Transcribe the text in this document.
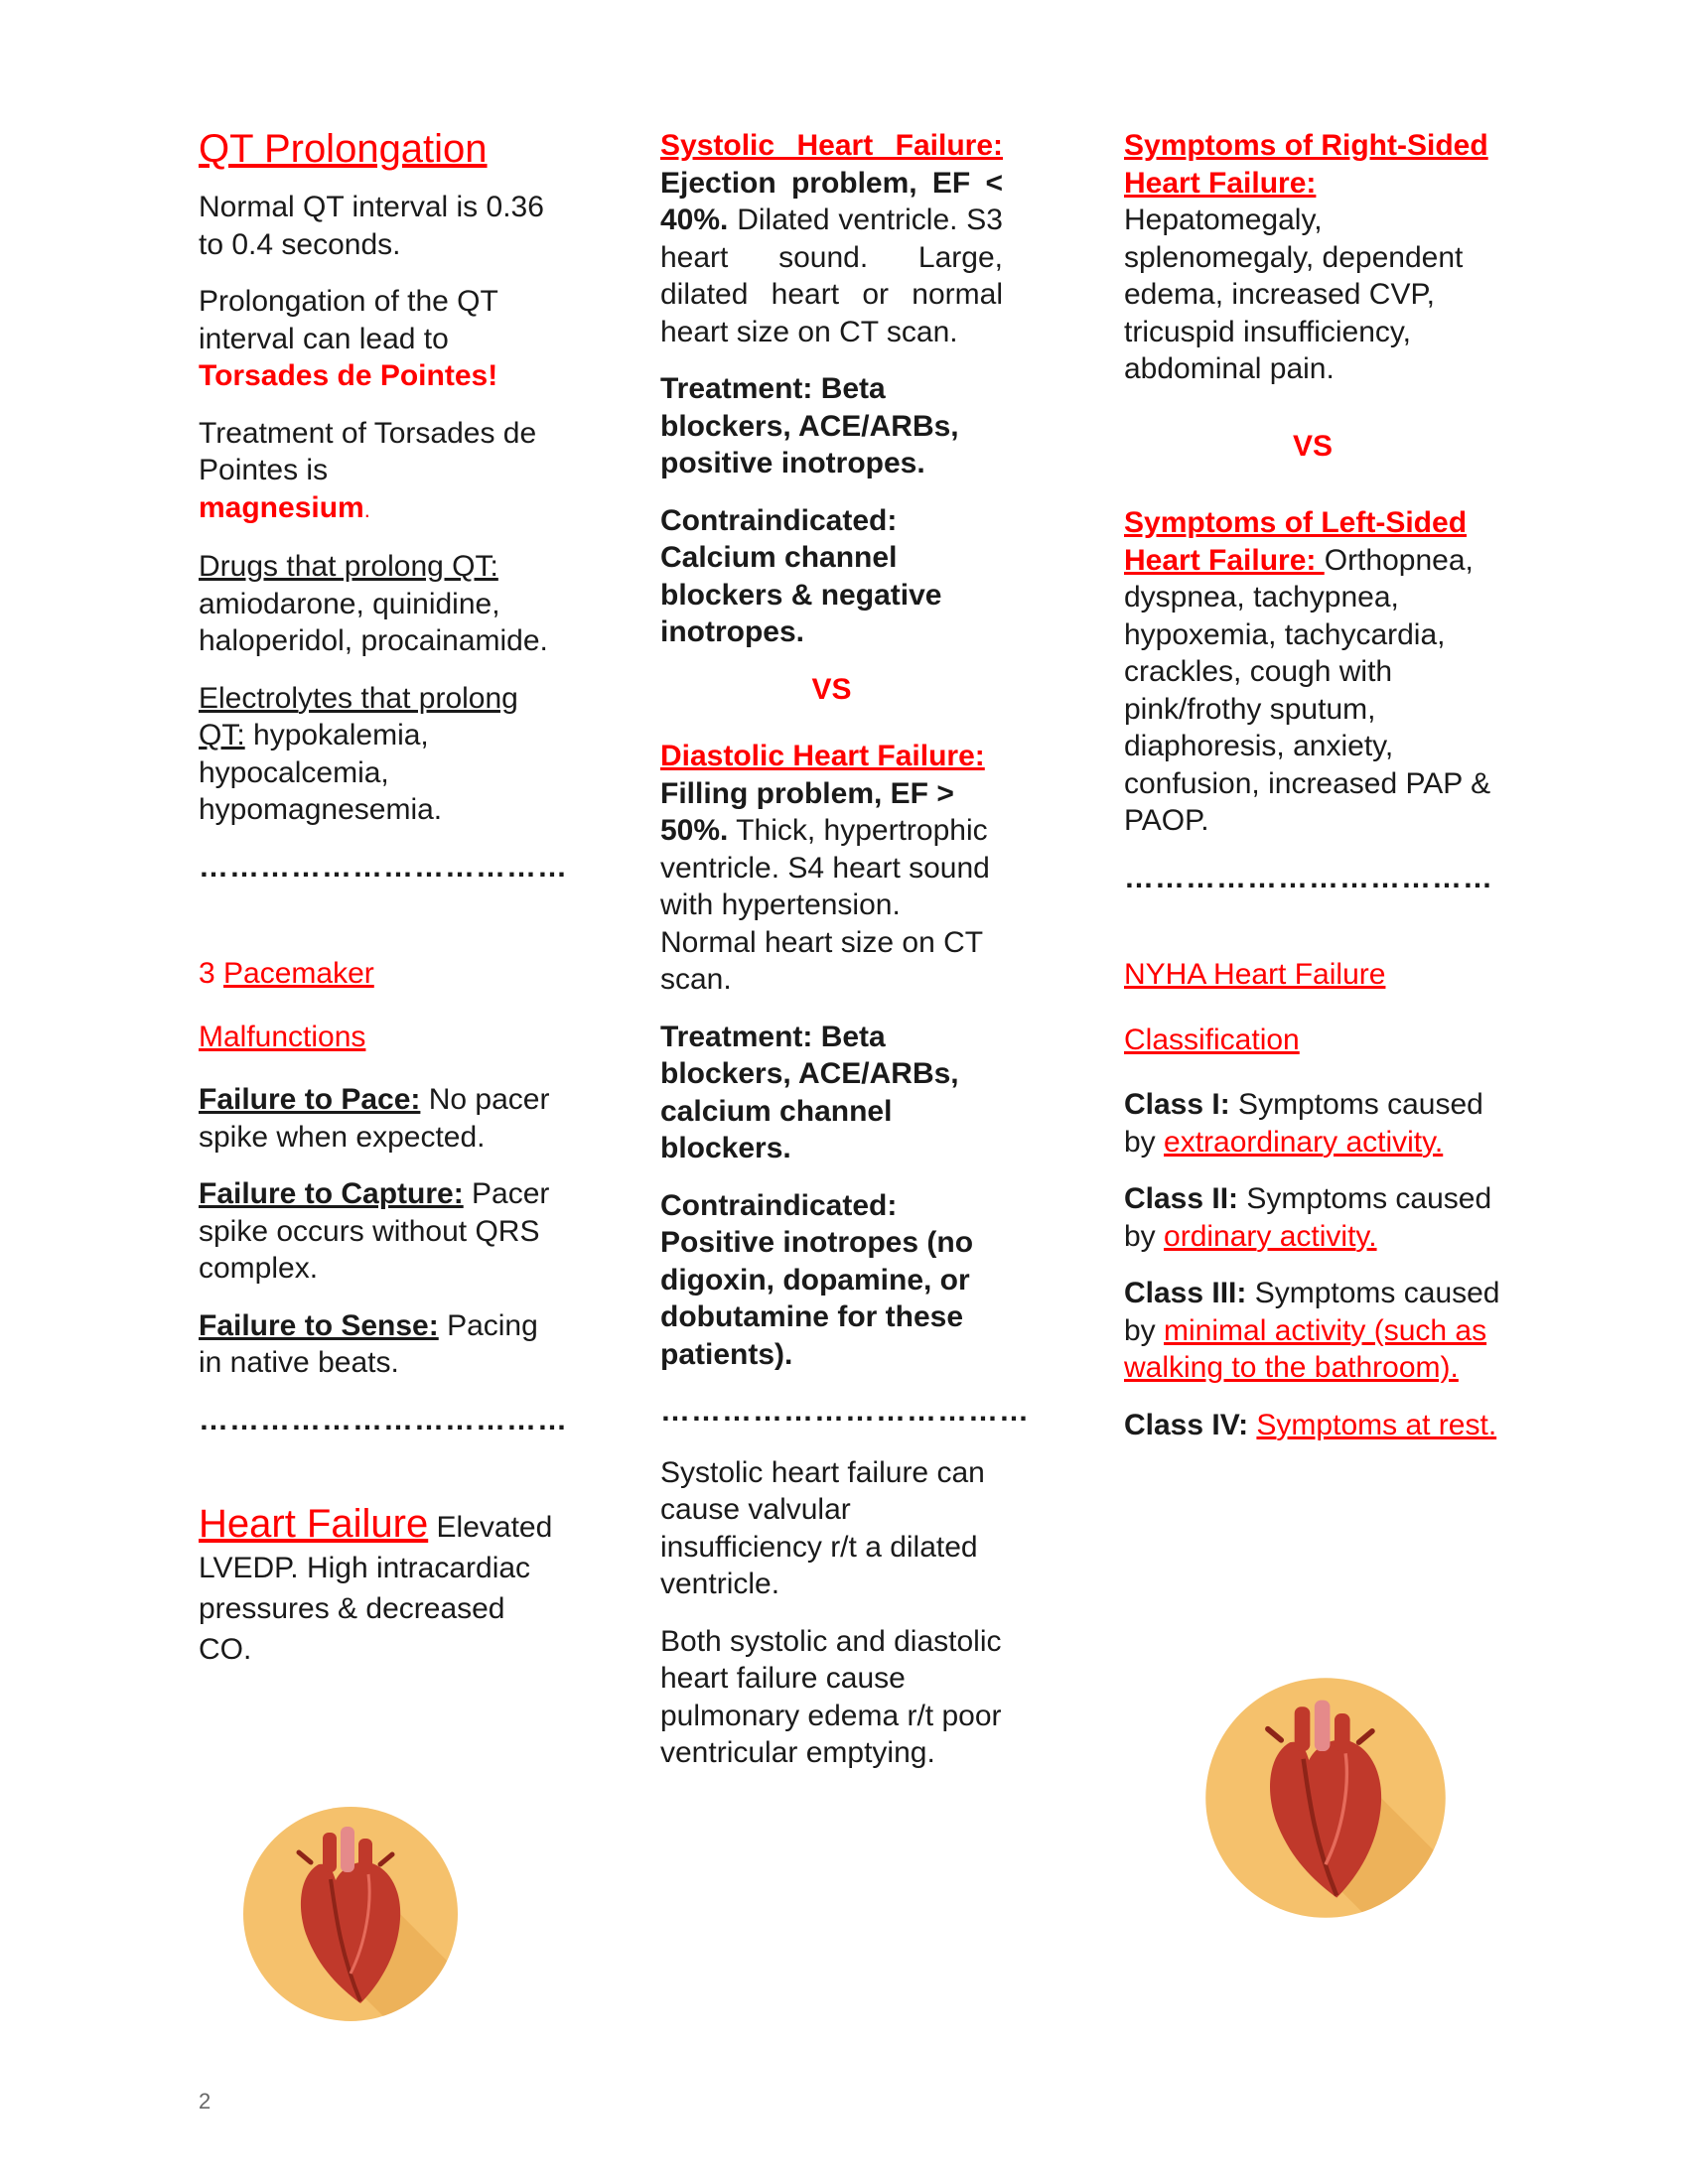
QT Prolongation

Normal QT interval is 0.36 to 0.4 seconds.

Prolongation of the QT interval can lead to
Torsades de Pointes!

Treatment of Torsades de Pointes is
magnesium.

Drugs that prolong QT: amiodarone, quinidine, haloperidol, procainamide.

Electrolytes that prolong QT: hypokalemia, hypocalcemia, hypomagnesemia.

………………………………

3 Pacemaker

Malfunctions

Failure to Pace: No pacer spike when expected.

Failure to Capture: Pacer spike occurs without QRS complex.

Failure to Sense: Pacing in native beats.

………………………………

Heart Failure Elevated LVEDP. High intracardiac pressures & decreased CO.

Systolic Heart Failure: Ejection problem, EF < 40%. Dilated ventricle. S3 heart sound. Large, dilated heart or normal heart size on CT scan.

Treatment: Beta blockers, ACE/ARBs, positive inotropes.

Contraindicated: Calcium channel blockers & negative inotropes.

VS

Diastolic Heart Failure: Filling problem, EF > 50%. Thick, hypertrophic ventricle. S4 heart sound with hypertension. Normal heart size on CT scan.

Treatment: Beta blockers, ACE/ARBs, calcium channel blockers.

Contraindicated: Positive inotropes (no digoxin, dopamine, or dobutamine for these patients).

………………………………

Systolic heart failure can cause valvular insufficiency r/t a dilated ventricle.

Both systolic and diastolic heart failure cause pulmonary edema r/t poor ventricular emptying.

Symptoms of Right-Sided Heart Failure: Hepatomegaly, splenomegaly, dependent edema, increased CVP, tricuspid insufficiency, abdominal pain.

VS

Symptoms of Left-Sided Heart Failure: Orthopnea, dyspnea, tachypnea, hypoxemia, tachycardia, crackles, cough with pink/frothy sputum, diaphoresis, anxiety, confusion, increased PAP & PAOP.

………………………………

NYHA Heart Failure

Classification

Class I: Symptoms caused by extraordinary activity.

Class II: Symptoms caused by ordinary activity.

Class III: Symptoms caused by minimal activity (such as walking to the bathroom).

Class IV: Symptoms at rest.

2
